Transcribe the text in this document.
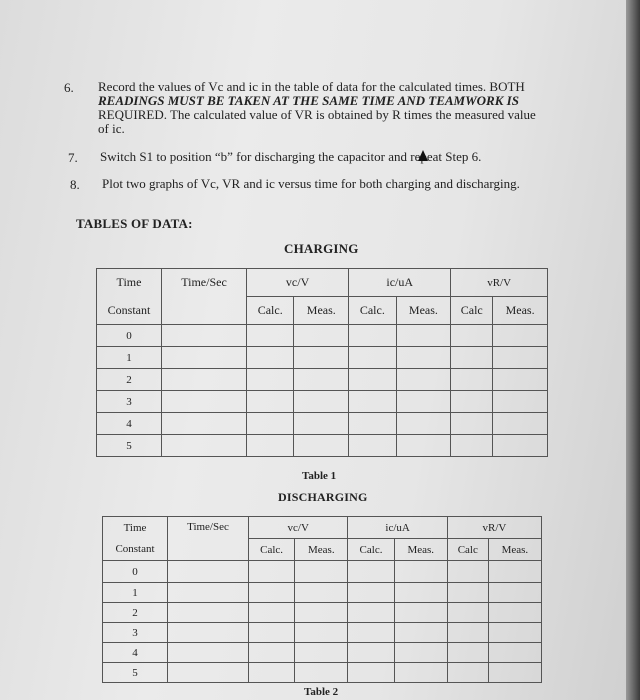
6. Record the values of Vc and ic in the table of data for the calculated times. BOTH
READINGS MUST BE TAKEN AT THE SAME TIME AND TEAMWORK IS
REQUIRED. The calculated value of VR is obtained by R times the measured value
of ic.
7. Switch S1 to position “b” for discharging the capacitor and repeat Step 6.
8. Plot two graphs of Vc, VR and ic versus time for both charging and discharging.
TABLES OF DATA:
CHARGING
Time	Time/Sec	vc/V		ic/uA		vR/V	
Constant		Calc.	Meas.	Calc.	Meas.	Calc	Meas.
0							
1							
2							
3							
4							
5							
Table 1
DISCHARGING
Time	Time/Sec	vc/V		ic/uA		vR/V	
Constant		Calc.	Meas.	Calc.	Meas.	Calc	Meas.
0							
1							
2							
3							
4							
5							
Table 2
